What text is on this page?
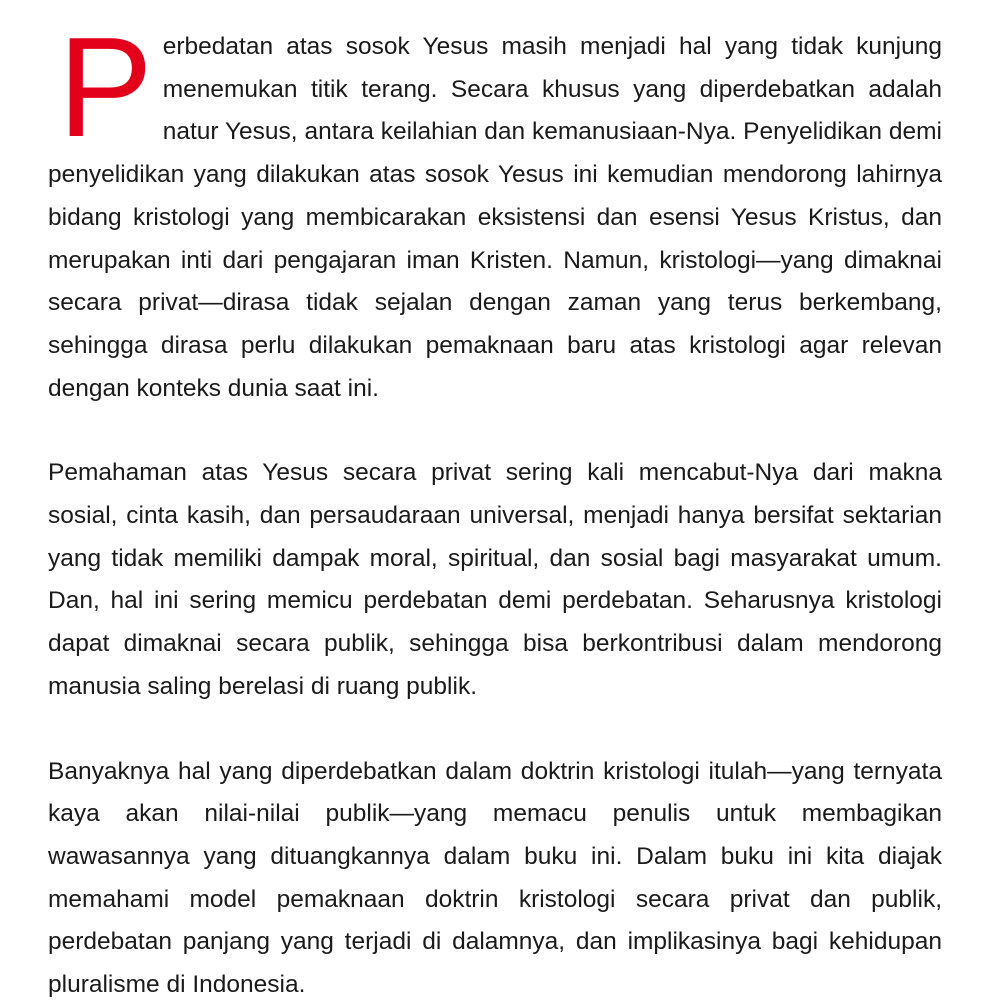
Perbedatan atas sosok Yesus masih menjadi hal yang tidak kunjung menemukan titik terang. Secara khusus yang diperdebatkan adalah natur Yesus, antara keilahian dan kemanusiaan-Nya. Penyelidikan demi penyelidikan yang dilakukan atas sosok Yesus ini kemudian mendorong lahirnya bidang kristologi yang membicarakan eksistensi dan esensi Yesus Kristus, dan merupakan inti dari pengajaran iman Kristen. Namun, kristologi—yang dimaknai secara privat—dirasa tidak sejalan dengan zaman yang terus berkembang, sehingga dirasa perlu dilakukan pemaknaan baru atas kristologi agar relevan dengan konteks dunia saat ini.

Pemahaman atas Yesus secara privat sering kali mencabut-Nya dari makna sosial, cinta kasih, dan persaudaraan universal, menjadi hanya bersifat sektarian yang tidak memiliki dampak moral, spiritual, dan sosial bagi masyarakat umum. Dan, hal ini sering memicu perdebatan demi perdebatan. Seharusnya kristologi dapat dimaknai secara publik, sehingga bisa berkontribusi dalam mendorong manusia saling berelasi di ruang publik.

Banyaknya hal yang diperdebatkan dalam doktrin kristologi itulah—yang ternyata kaya akan nilai-nilai publik—yang memacu penulis untuk membagikan wawasannya yang dituangkannya dalam buku ini. Dalam buku ini kita diajak memahami model pemaknaan doktrin kristologi secara privat dan publik, perdebatan panjang yang terjadi di dalamnya, dan implikasinya bagi kehidupan pluralisme di Indonesia.
